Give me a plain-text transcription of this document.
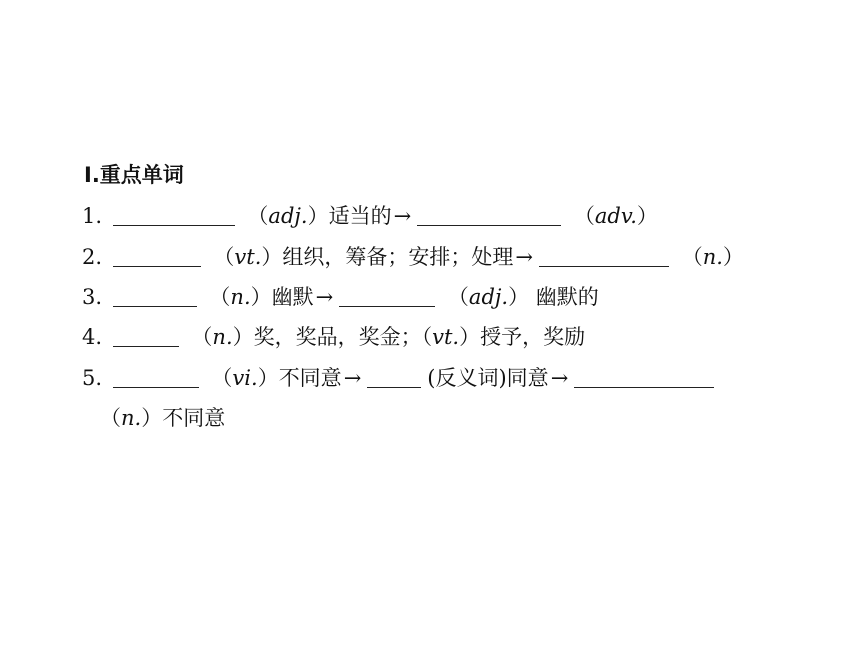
Ⅰ.重点单词
1.	（adj.）适当的→	（adv.）
2.	（vt.）组织，筹备；安排；处理→	（n.）
3.	（n.）幽默→	（adj.） 幽默的
4.	（n.）奖，奖品，奖金；（vt.）授予，奖励
5.	（vi.）不同意→	(反义词)同意→
（n.）不同意
